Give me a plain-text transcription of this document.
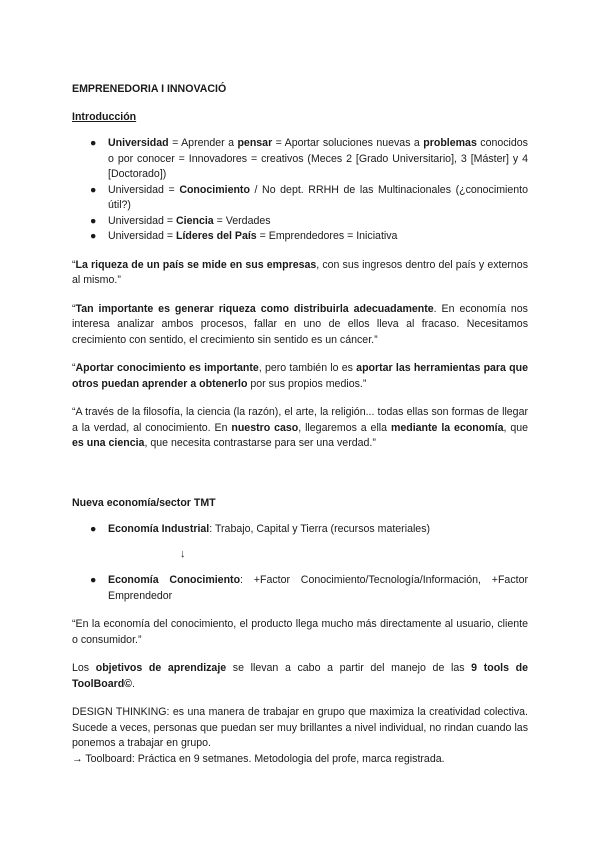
EMPRENEDORIA I INNOVACIÓ

Introducción

● Universidad = Aprender a pensar = Aportar soluciones nuevas a problemas conocidos o por conocer = Innovadores = creativos (Meces 2 [Grado Universitario], 3 [Máster] y 4 [Doctorado])
● Universidad = Conocimiento / No dept. RRHH de las Multinacionales (¿conocimiento útil?)
● Universidad = Ciencia = Verdades
● Universidad = Líderes del País = Emprendedores = Iniciativa

“La riqueza de un país se mide en sus empresas, con sus ingresos dentro del país y externos al mismo.”

“Tan importante es generar riqueza como distribuirla adecuadamente. En economía nos interesa analizar ambos procesos, fallar en uno de ellos lleva al fracaso. Necesitamos crecimiento con sentido, el crecimiento sin sentido es un cáncer.”

“Aportar conocimiento es importante, pero también lo es aportar las herramientas para que otros puedan aprender a obtenerlo por sus propios medios.”

“A través de la filosofía, la ciencia (la razón), el arte, la religión... todas ellas son formas de llegar a la verdad, al conocimiento. En nuestro caso, llegaremos a ella mediante la economía, que es una ciencia, que necesita contrastarse para ser una verdad.”

Nueva economía/sector TMT

● Economía Industrial: Trabajo, Capital y Tierra (recursos materiales)

↓

● Economía Conocimiento: +Factor Conocimiento/Tecnología/Información, +Factor Emprendedor

“En la economía del conocimiento, el producto llega mucho más directamente al usuario, cliente o consumidor.”

Los objetivos de aprendizaje se llevan a cabo a partir del manejo de las 9 tools de ToolBoard©.

DESIGN THINKING: es una manera de trabajar en grupo que maximiza la creatividad colectiva. Sucede a veces, personas que puedan ser muy brillantes a nivel individual, no rindan cuando las ponemos a trabajar en grupo.

→ Toolboard: Práctica en 9 setmanes. Metodologia del profe, marca registrada.
